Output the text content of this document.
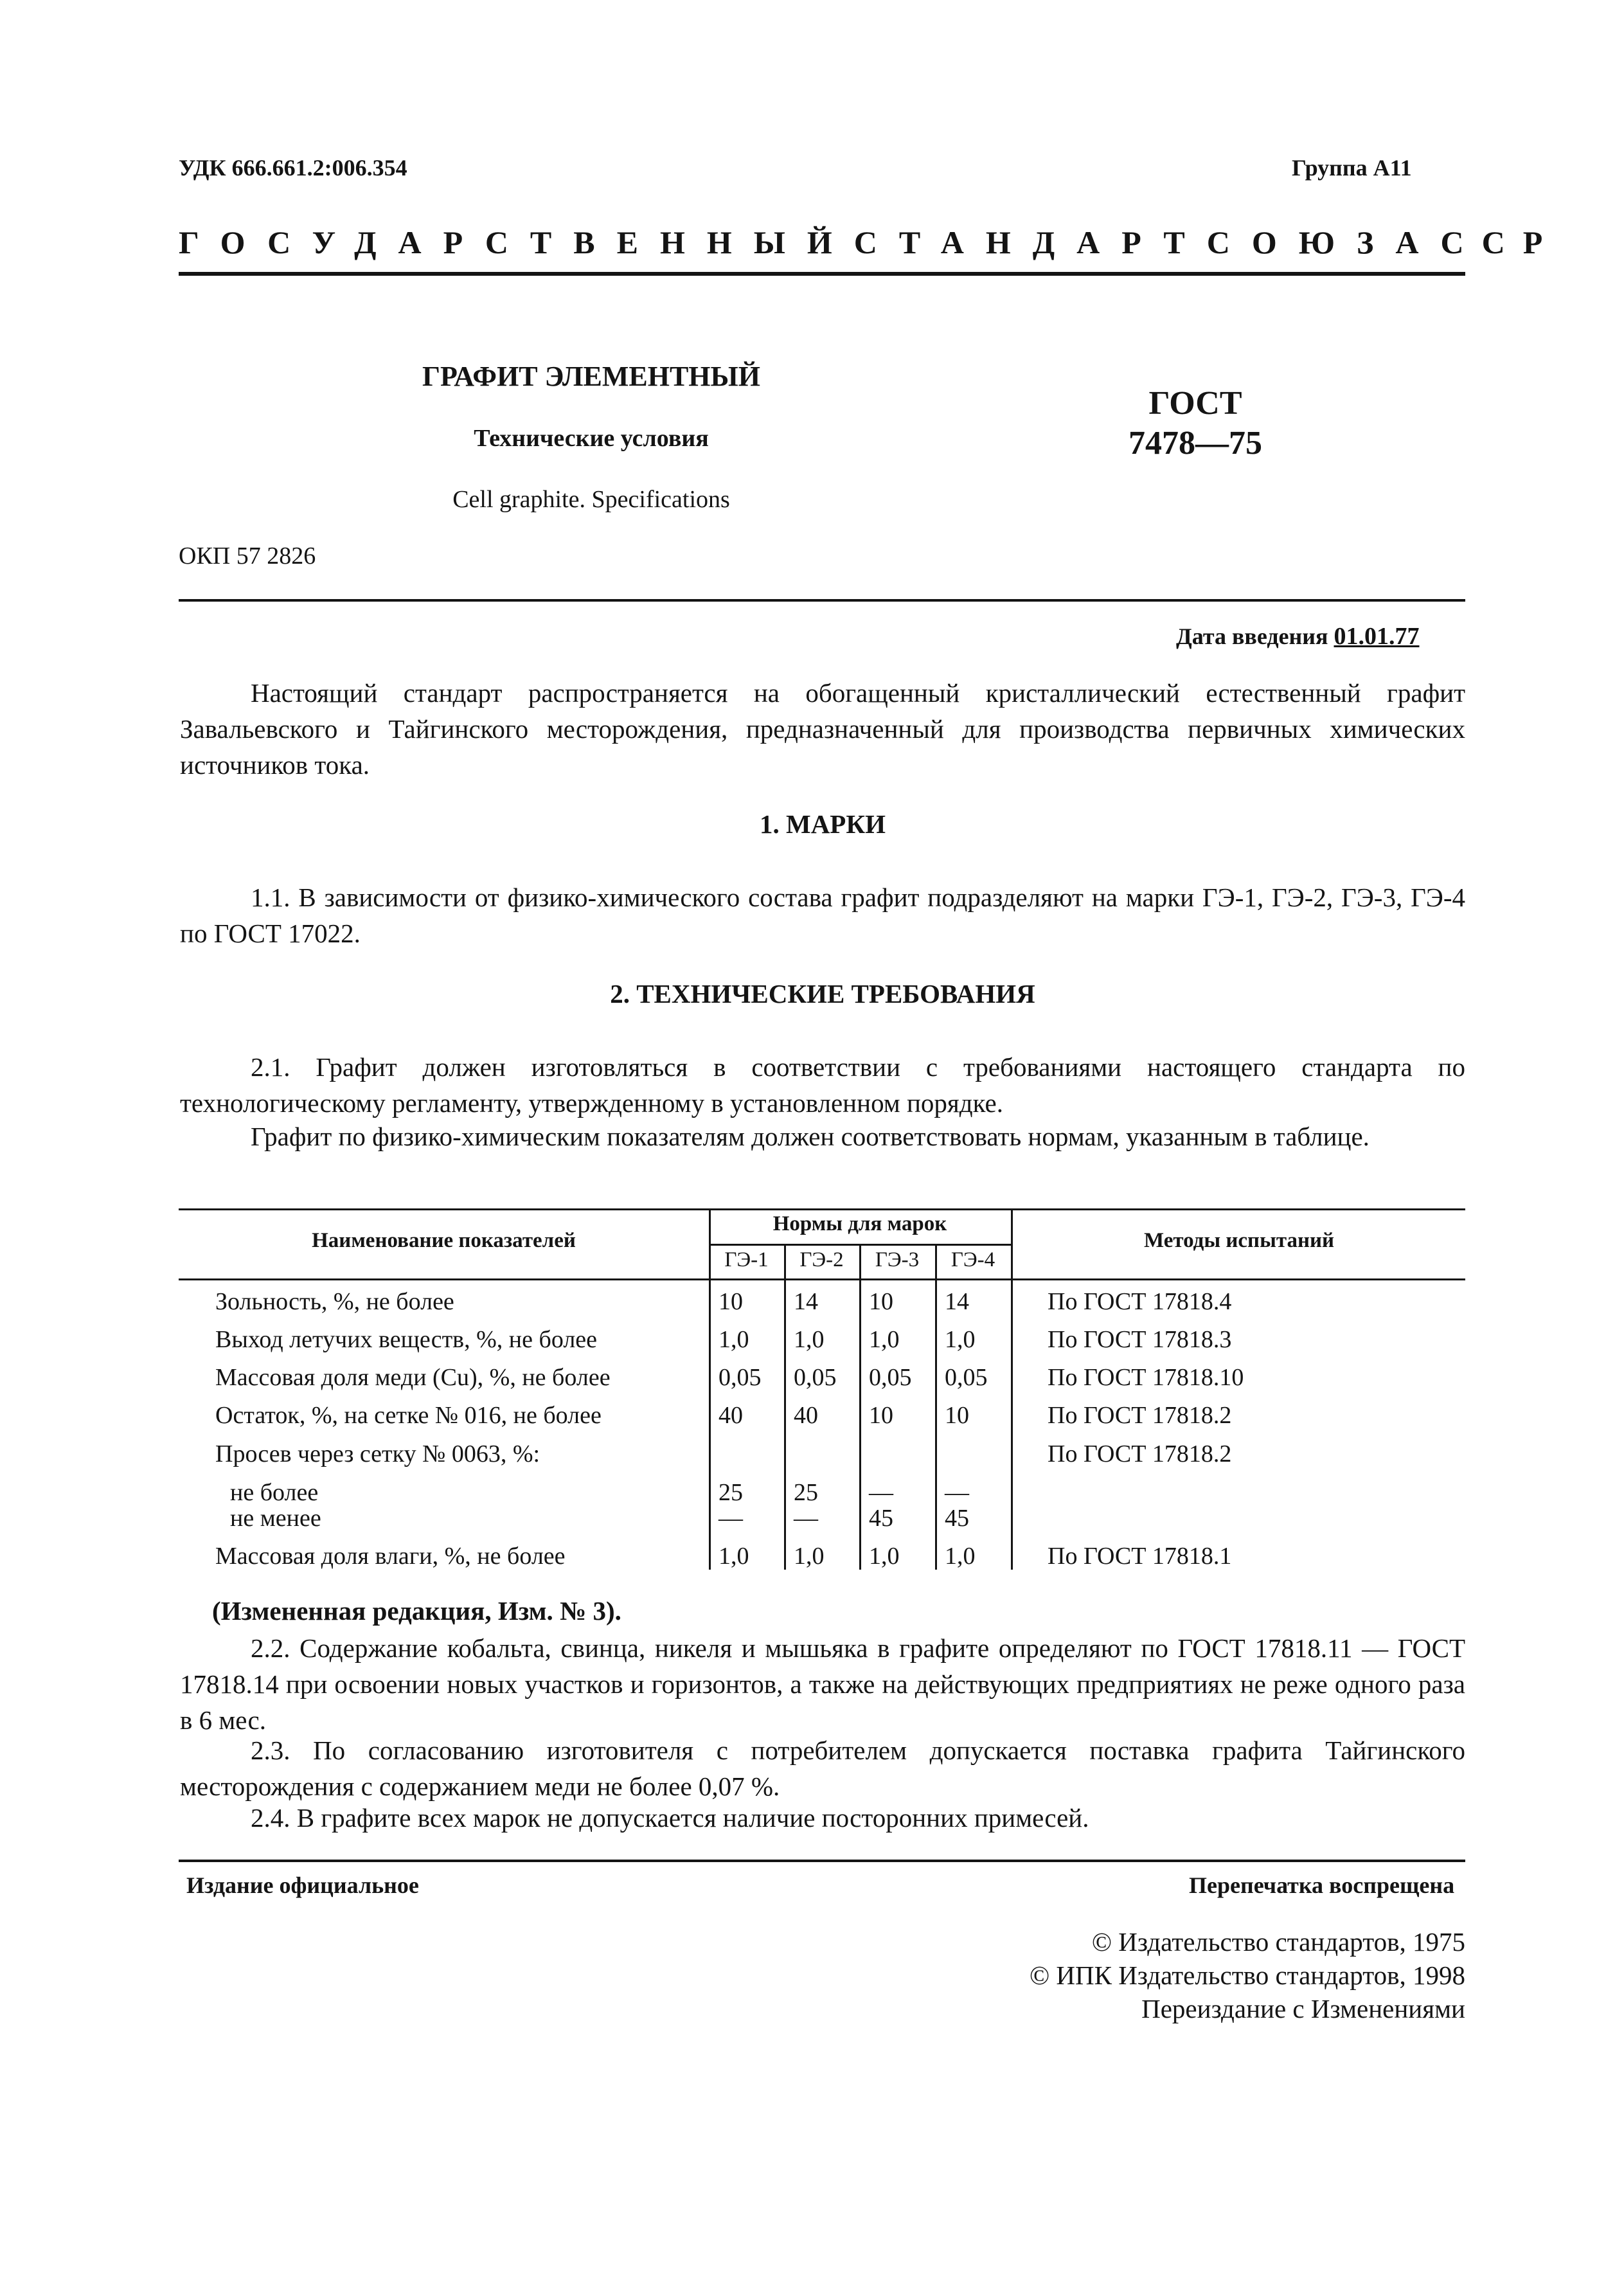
УДК 666.661.2:006.354	Группа А11
ГОСУДАРСТВЕННЫЙ СТАНДАРТ СОЮЗА ССР
ГРАФИТ ЭЛЕМЕНТНЫЙ
Технические условия
Cell graphite. Specifications
ГОСТ
7478—75
ОКП 57 2826
Дата введения 01.01.77
Настоящий стандарт распространяется на обогащенный кристаллический естественный графит Завальевского и Тайгинского месторождения, предназначенный для производства первичных химических источников тока.
1. МАРКИ
1.1. В зависимости от физико-химического состава графит подразделяют на марки ГЭ-1, ГЭ-2, ГЭ-3, ГЭ-4 по ГОСТ 17022.
2. ТЕХНИЧЕСКИЕ ТРЕБОВАНИЯ
2.1. Графит должен изготовляться в соответствии с требованиями настоящего стандарта по технологическому регламенту, утвержденному в установленном порядке.
Графит по физико-химическим показателям должен соответствовать нормам, указанным в таблице.
Наименование показателей
Нормы для марок
Методы испытаний
ГЭ-1	ГЭ-2	ГЭ-3	ГЭ-4
Зольность, %, не более	10 14 10 14	По ГОСТ 17818.4
Выход летучих веществ, %, не более	1,0 1,0 1,0 1,0	По ГОСТ 17818.3
Массовая доля меди (Cu), %, не более	0,05 0,05 0,05 0,05 По ГОСТ 17818.10
Остаток, %, на сетке № 016, не более	40 40 10 10	По ГОСТ 17818.2
Просев через сетку № 0063, %:	По ГОСТ 17818.2
не более	25 25 — —
не менее	— — 45 45
Массовая доля влаги, %, не более	1,0 1,0 1,0 1,0	По ГОСТ 17818.1
(Измененная редакция, Изм. № 3).
2.2. Содержание кобальта, свинца, никеля и мышьяка в графите определяют по ГОСТ 17818.11 — ГОСТ 17818.14 при освоении новых участков и горизонтов, а также на действующих предприятиях не реже одного раза в 6 мес.
2.3. По согласованию изготовителя с потребителем допускается поставка графита Тайгинского месторождения с содержанием меди не более 0,07 %.
2.4. В графите всех марок не допускается наличие посторонних примесей.
Издание официальное	Перепечатка воспрещена
© Издательство стандартов, 1975
© ИПК Издательство стандартов, 1998
Переиздание с Изменениями
